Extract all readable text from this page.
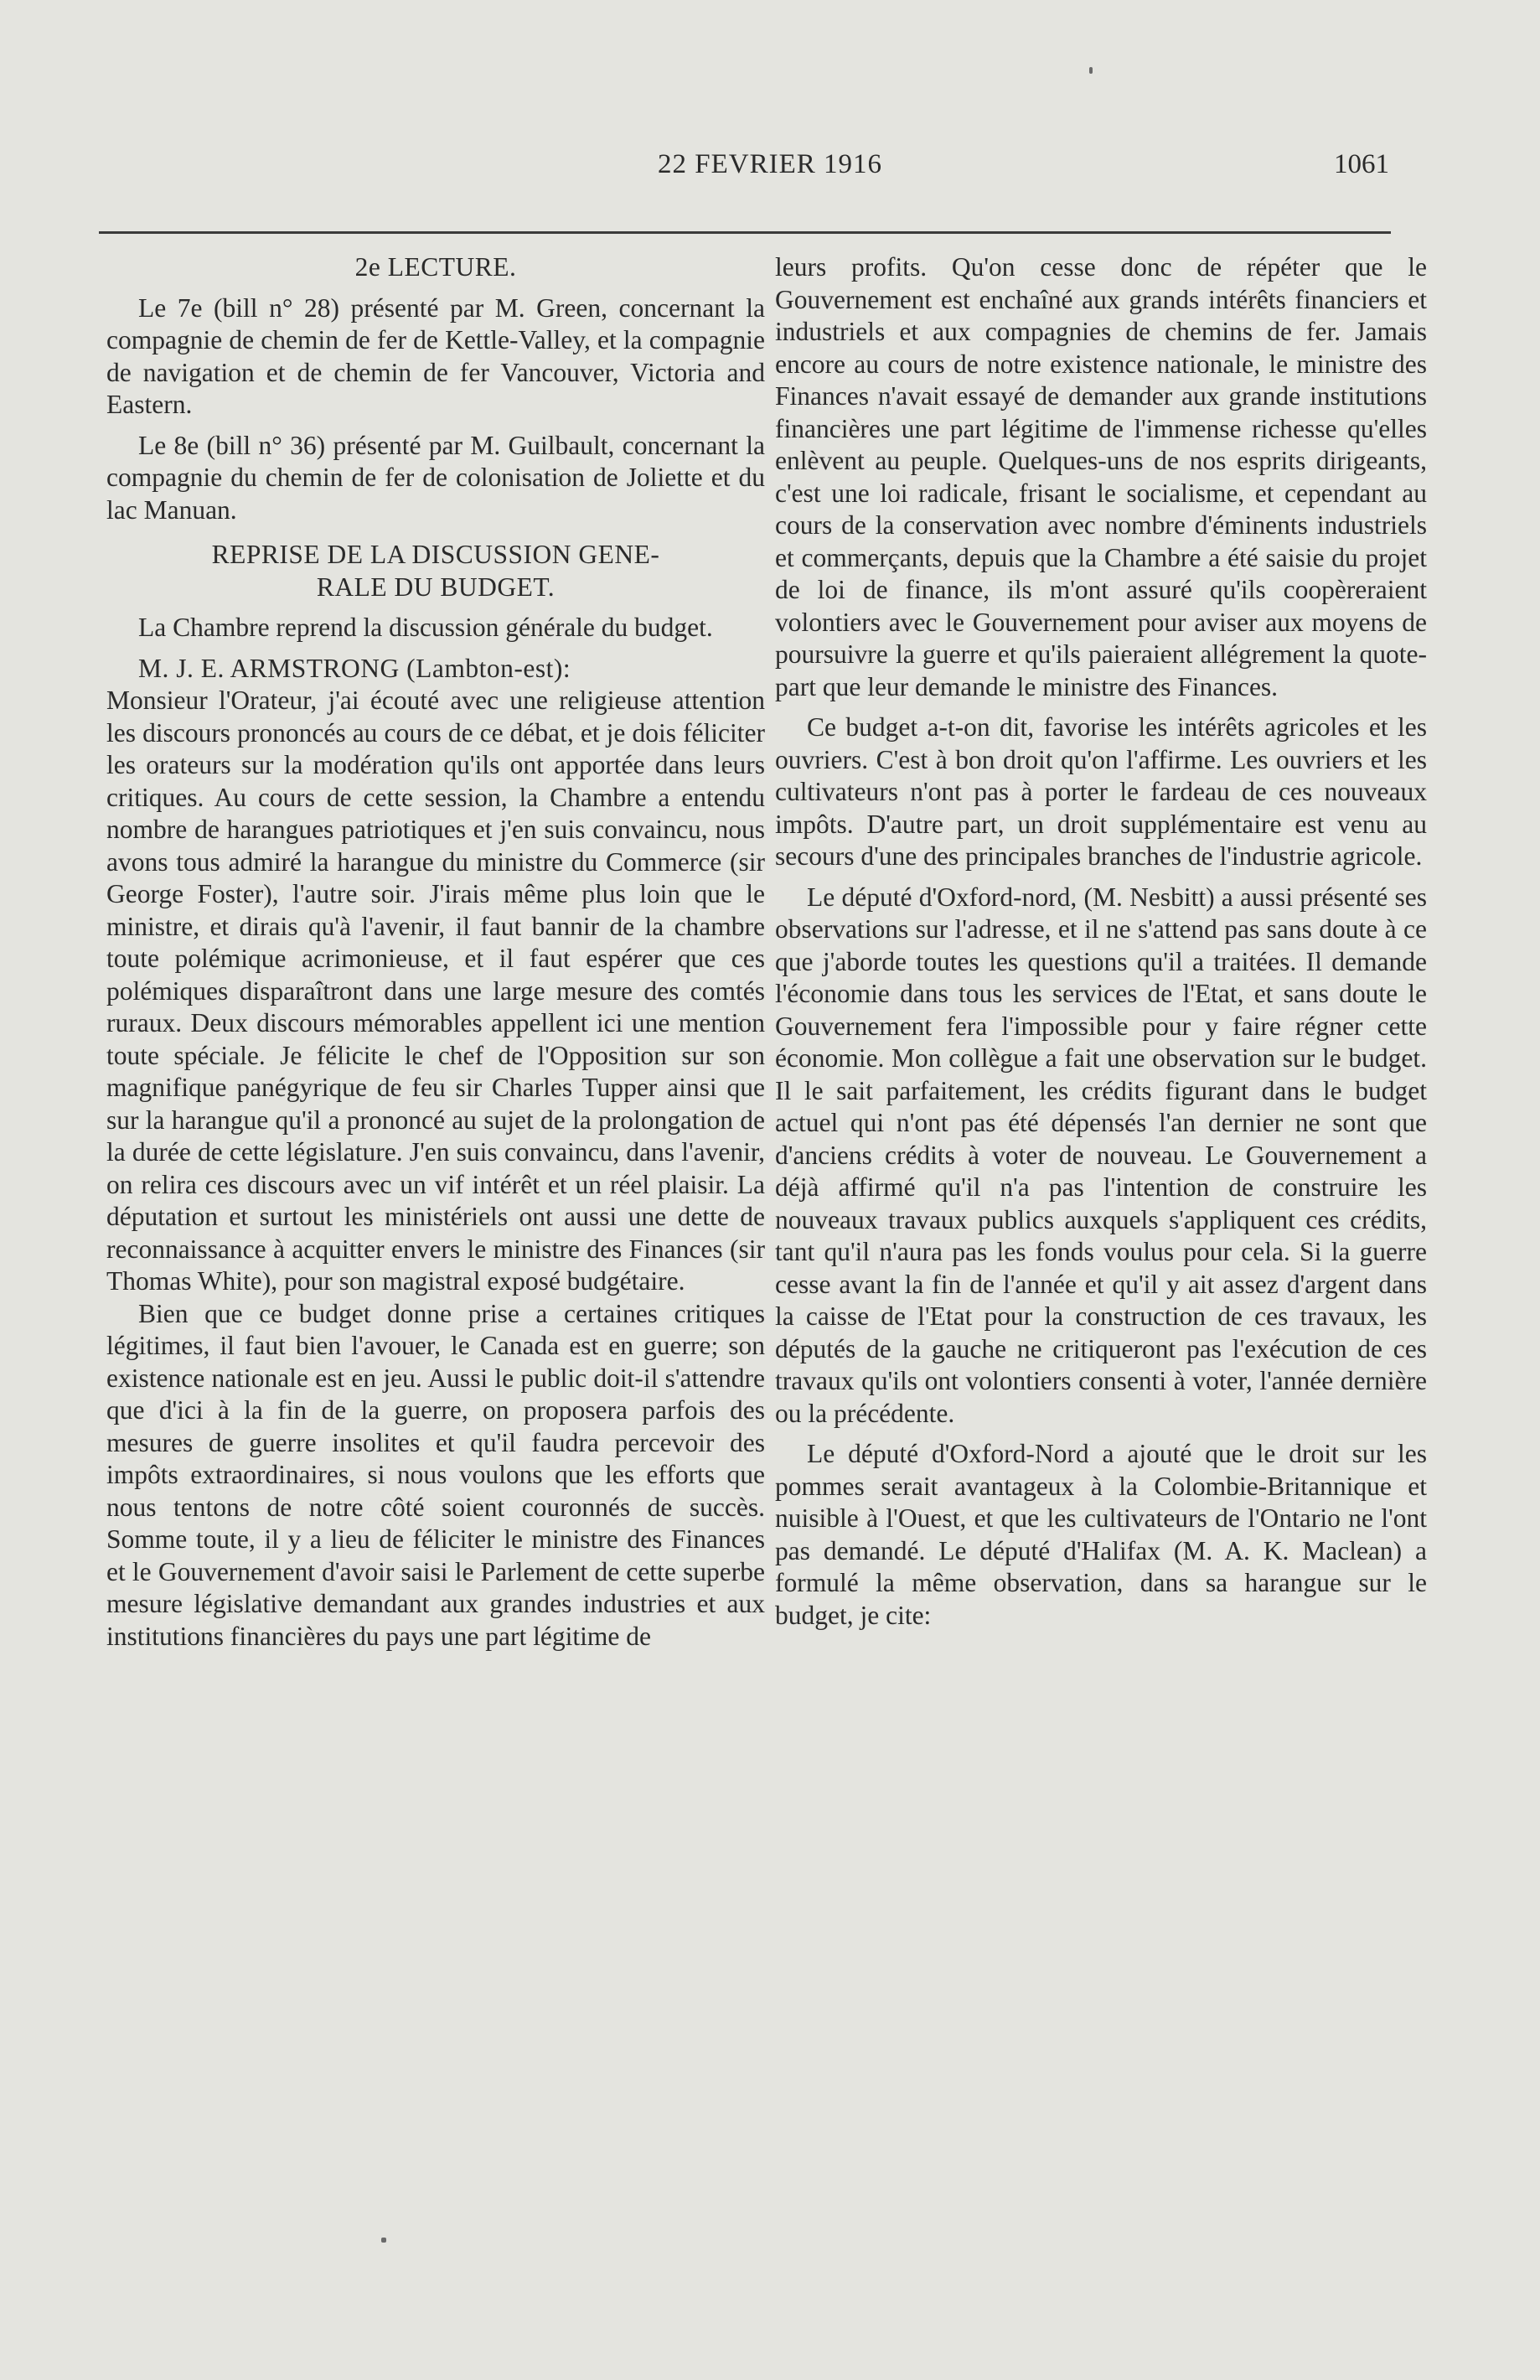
22 FEVRIER 1916	1061
2e LECTURE.

Le 7e (bill n° 28) présenté par M. Green, concernant la compagnie de chemin de fer de Kettle-Valley, et la compagnie de navigation et de chemin de fer Vancouver, Victoria and Eastern.

Le 8e (bill n° 36) présenté par M. Guilbault, concernant la compagnie du chemin de fer de colonisation de Joliette et du lac Manuan.

REPRISE DE LA DISCUSSION GENE-
RALE DU BUDGET.

La Chambre reprend la discussion générale du budget.

M. J. E. ARMSTRONG (Lambton-est):

Monsieur l'Orateur, j'ai écouté avec une religieuse attention les discours prononcés au cours de ce débat, et je dois féliciter les orateurs sur la modération qu'ils ont apportée dans leurs critiques. Au cours de cette session, la Chambre a entendu nombre de harangues patriotiques et j'en suis convaincu, nous avons tous admiré la harangue du ministre du Commerce (sir George Foster), l'autre soir. J'irais même plus loin que le ministre, et dirais qu'à l'avenir, il faut bannir de la chambre toute polémique acrimonieuse, et il faut espérer que ces polémiques disparaîtront dans une large mesure des comtés ruraux. Deux discours mémorables appellent ici une mention toute spéciale. Je félicite le chef de l'Opposition sur son magnifique panégyrique de feu sir Charles Tupper ainsi que sur la harangue qu'il a prononcé au sujet de la prolongation de la durée de cette législature. J'en suis convaincu, dans l'avenir, on relira ces discours avec un vif intérêt et un réel plaisir. La députation et surtout les ministériels ont aussi une dette de reconnaissance à acquitter envers le ministre des Finances (sir Thomas White), pour son magistral exposé budgétaire.

Bien que ce budget donne prise a certaines critiques légitimes, il faut bien l'avouer, le Canada est en guerre; son existence nationale est en jeu. Aussi le public doit-il s'attendre que d'ici à la fin de la guerre, on proposera parfois des mesures de guerre insolites et qu'il faudra percevoir des impôts extraordinaires, si nous voulons que les efforts que nous tentons de notre côté soient couronnés de succès. Somme toute, il y a lieu de féliciter le ministre des Finances et le Gouvernement d'avoir saisi le Parlement de cette superbe mesure législative demandant aux grandes industries et aux institutions financières du pays une part légitime de

leurs profits. Qu'on cesse donc de répéter que le Gouvernement est enchaîné aux grands intérêts financiers et industriels et aux compagnies de chemins de fer. Jamais encore au cours de notre existence nationale, le ministre des Finances n'avait essayé de demander aux grande institutions financières une part légitime de l'immense richesse qu'elles enlèvent au peuple. Quelques-uns de nos esprits dirigeants, c'est une loi radicale, frisant le socialisme, et cependant au cours de la conservation avec nombre d'éminents industriels et commerçants, depuis que la Chambre a été saisie du projet de loi de finance, ils m'ont assuré qu'ils coopèreraient volontiers avec le Gouvernement pour aviser aux moyens de poursuivre la guerre et qu'ils paieraient allégrement la quote-part que leur demande le ministre des Finances.

Ce budget a-t-on dit, favorise les intérêts agricoles et les ouvriers. C'est à bon droit qu'on l'affirme. Les ouvriers et les cultivateurs n'ont pas à porter le fardeau de ces nouveaux impôts. D'autre part, un droit supplémentaire est venu au secours d'une des principales branches de l'industrie agricole.

Le député d'Oxford-nord, (M. Nesbitt) a aussi présenté ses observations sur l'adresse, et il ne s'attend pas sans doute à ce que j'aborde toutes les questions qu'il a traitées. Il demande l'économie dans tous les services de l'Etat, et sans doute le Gouvernement fera l'impossible pour y faire régner cette économie. Mon collègue a fait une observation sur le budget. Il le sait parfaitement, les crédits figurant dans le budget actuel qui n'ont pas été dépensés l'an dernier ne sont que d'anciens crédits à voter de nouveau. Le Gouvernement a déjà affirmé qu'il n'a pas l'intention de construire les nouveaux travaux publics auxquels s'appliquent ces crédits, tant qu'il n'aura pas les fonds voulus pour cela. Si la guerre cesse avant la fin de l'année et qu'il y ait assez d'argent dans la caisse de l'Etat pour la construction de ces travaux, les députés de la gauche ne critiqueront pas l'exécution de ces travaux qu'ils ont volontiers consenti à voter, l'année dernière ou la précédente.

Le député d'Oxford-Nord a ajouté que le droit sur les pommes serait avantageux à la Colombie-Britannique et nuisible à l'Ouest, et que les cultivateurs de l'Ontario ne l'ont pas demandé. Le député d'Halifax (M. A. K. Maclean) a formulé la même observation, dans sa harangue sur le budget, je cite:
